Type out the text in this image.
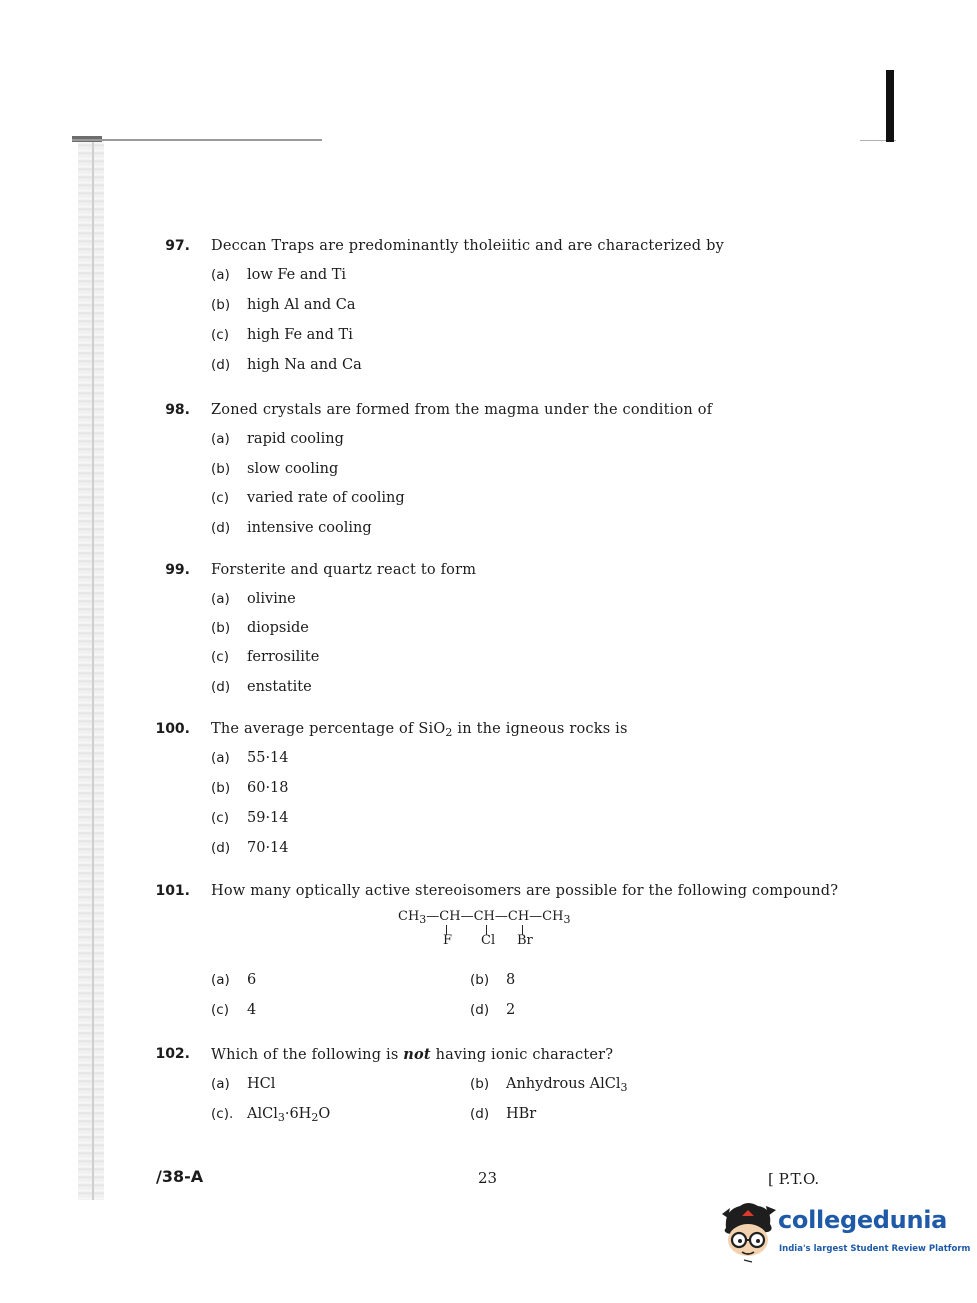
97. Deccan Traps are predominantly tholeiitic and are characterized by
(a) low Fe and Ti
(b) high Al and Ca
(c) high Fe and Ti
(d) high Na and Ca
98. Zoned crystals are formed from the magma under the condition of
(a) rapid cooling
(b) slow cooling
(c) varied rate of cooling
(d) intensive cooling
99. Forsterite and quartz react to form
(a) olivine
(b) diopside
(c) ferrosilite
(d) enstatite
100. The average percentage of SiO$_2$ in the igneous rocks is
(a) 55·14
(b) 60·18
(c) 59·14
(d) 70·14
101. How many optically active stereoisomers are possible for the following compound?
$CH_3—CH—CH—CH—CH_3$
F Cl Br
(a) 6	(b) 8
(c) 4	(d) 2
102. Which of the following is not having ionic character?
(a) HCl	(b) Anhydrous AlCl$_3$
(c). $AlCl_3\cdot 6H_2O$	(d) HBr
/38-A	23	[ P.T.O.
collegedunia
India's largest Student Review Platform
